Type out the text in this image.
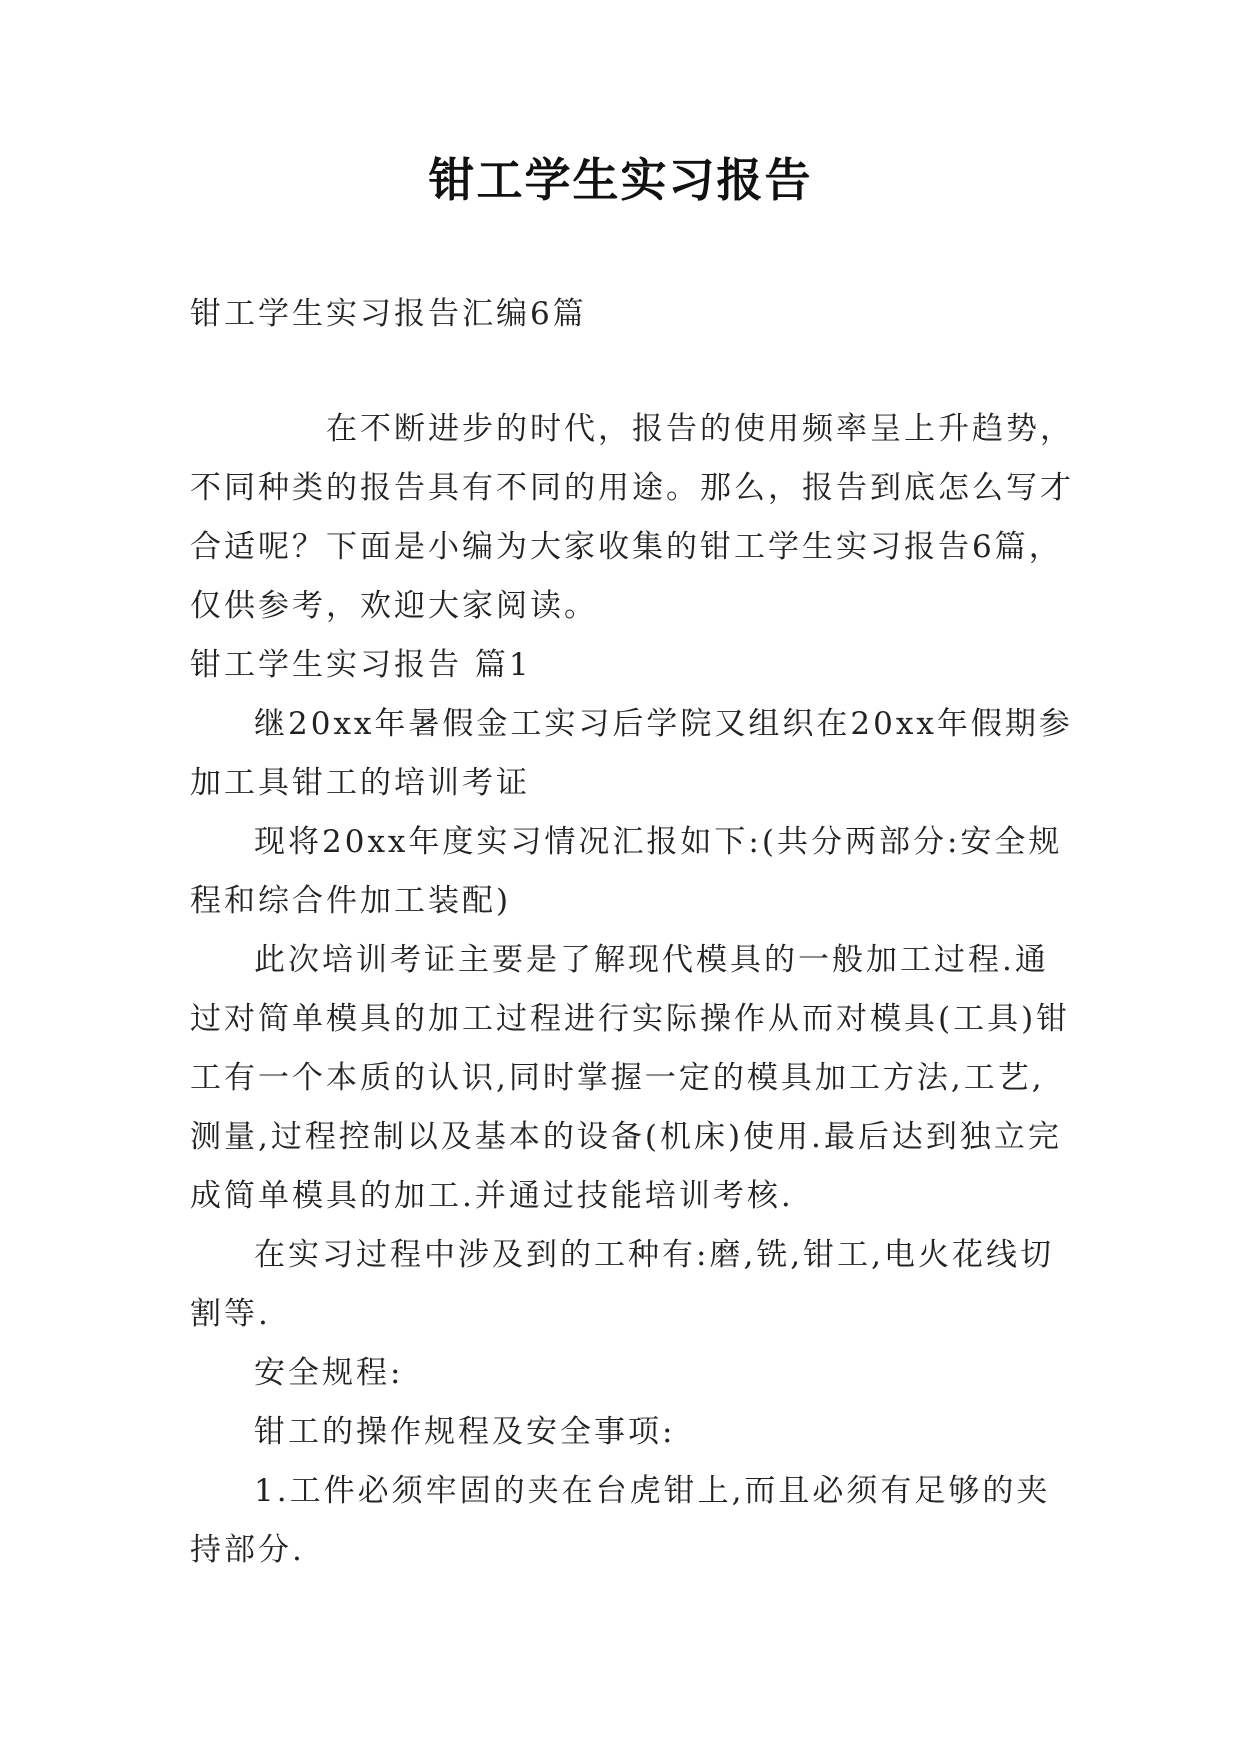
钳工学生实习报告
钳工学生实习报告汇编6篇
在不断进步的时代，报告的使用频率呈上升趋势，
不同种类的报告具有不同的用途。那么，报告到底怎么写才
合适呢？下面是小编为大家收集的钳工学生实习报告6篇，
仅供参考，欢迎大家阅读。
钳工学生实习报告 篇1
继20xx年暑假金工实习后学院又组织在20xx年假期参
加工具钳工的培训考证
现将20xx年度实习情况汇报如下:(共分两部分:安全规
程和综合件加工装配)
此次培训考证主要是了解现代模具的一般加工过程.通
过对简单模具的加工过程进行实际操作从而对模具(工具)钳
工有一个本质的认识,同时掌握一定的模具加工方法,工艺,
测量,过程控制以及基本的设备(机床)使用.最后达到独立完
成简单模具的加工.并通过技能培训考核.
在实习过程中涉及到的工种有:磨,铣,钳工,电火花线切
割等.
安全规程:
钳工的操作规程及安全事项:
1.工件必须牢固的夹在台虎钳上,而且必须有足够的夹
持部分.
